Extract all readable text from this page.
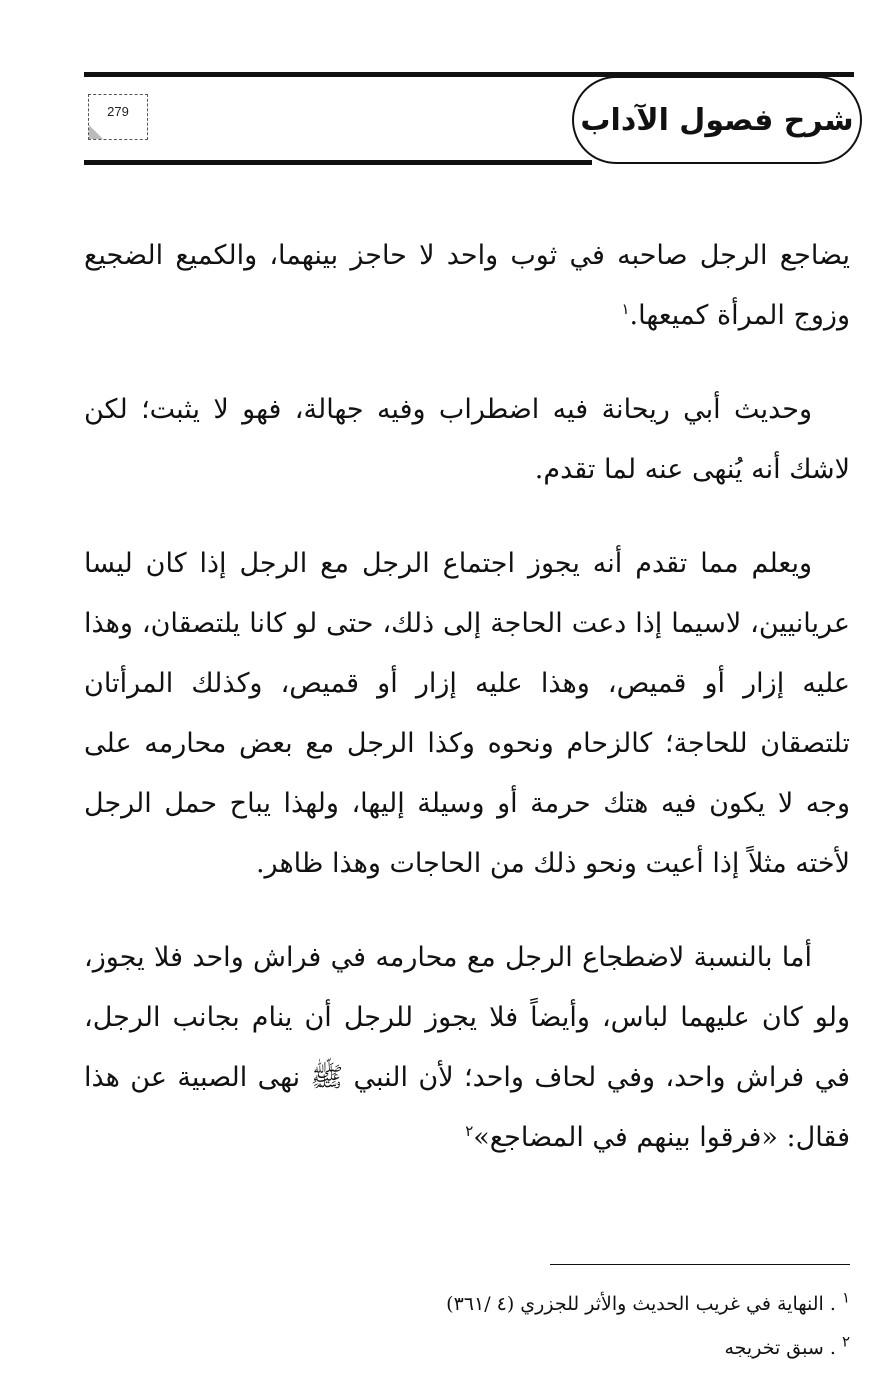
279	شرح فصول الآداب

يضاجع الرجل صاحبه في ثوب واحد لا حاجز بينهما، والكميع الضجيع وزوج المرأة كميعها.$^١$

وحديث أبي ريحانة فيه اضطراب وفيه جهالة، فهو لا يثبت؛ لكن لاشك أنه يُنهى عنه لما تقدم.

ويعلم مما تقدم أنه يجوز اجتماع الرجل مع الرجل إذا كان ليسا عريانيين، لاسيما إذا دعت الحاجة إلى ذلك، حتى لو كانا يلتصقان، وهذا عليه إزار أو قميص، وهذا عليه إزار أو قميص، وكذلك المرأتان تلتصقان للحاجة؛ كالزحام ونحوه وكذا الرجل مع بعض محارمه على وجه لا يكون فيه هتك حرمة أو وسيلة إليها، ولهذا يباح حمل الرجل لأخته مثلاً إذا أعيت ونحو ذلك من الحاجات وهذا ظاهر.

أما بالنسبة لاضطجاع الرجل مع محارمه في فراش واحد فلا يجوز، ولو كان عليهما لباس، وأيضاً فلا يجوز للرجل أن ينام بجانب الرجل، في فراش واحد، وفي لحاف واحد؛ لأن النبي ﷺ نهى الصبية عن هذا فقال: «فرقوا بينهم في المضاجع»$^٢$

$^١$ . النهاية في غريب الحديث والأثر للجزري (٤ /٣٦١)

$^٢$ . سبق تخريجه
